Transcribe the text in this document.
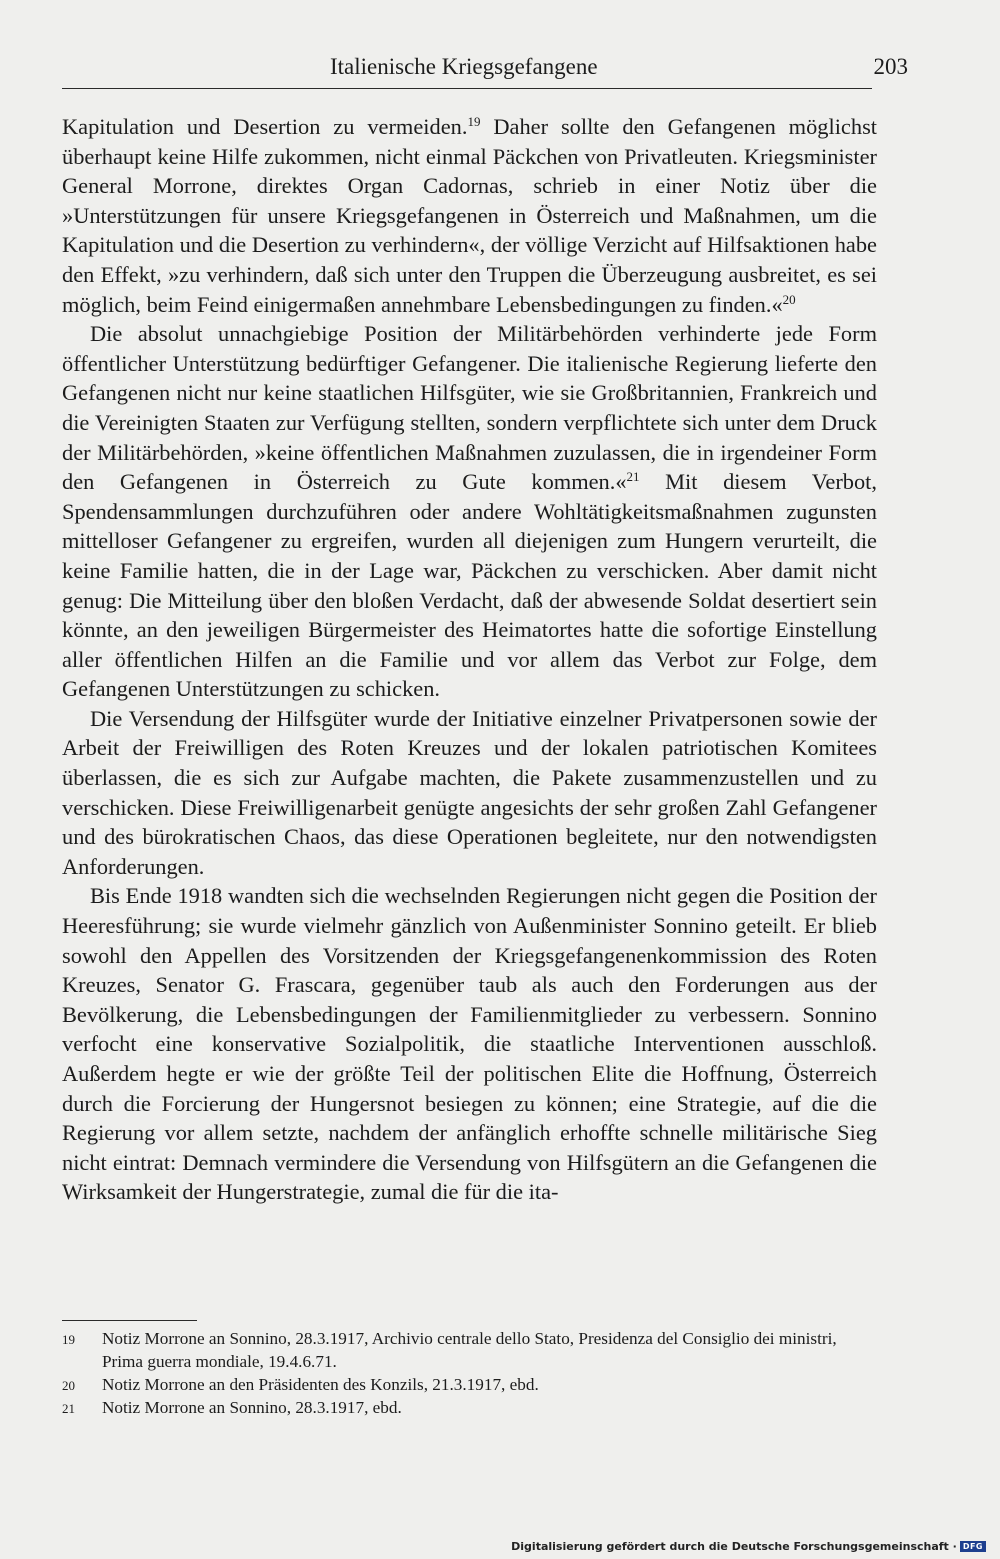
Italienische Kriegsgefangene	203

Kapitulation und Desertion zu vermeiden.$^{19}$ Daher sollte den Gefangenen möglichst überhaupt keine Hilfe zukommen, nicht einmal Päckchen von Privatleuten. Kriegsminister General Morrone, direktes Organ Cadornas, schrieb in einer Notiz über die »Unterstützungen für unsere Kriegsgefangenen in Österreich und Maßnahmen, um die Kapitulation und die Desertion zu verhindern«, der völlige Verzicht auf Hilfsaktionen habe den Effekt, »zu verhindern, daß sich unter den Truppen die Überzeugung ausbreitet, es sei möglich, beim Feind einigermaßen annehmbare Lebensbedingungen zu finden.«$^{20}$

Die absolut unnachgiebige Position der Militärbehörden verhinderte jede Form öffentlicher Unterstützung bedürftiger Gefangener. Die italienische Regierung lieferte den Gefangenen nicht nur keine staatlichen Hilfsgüter, wie sie Großbritannien, Frankreich und die Vereinigten Staaten zur Verfügung stellten, sondern verpflichtete sich unter dem Druck der Militärbehörden, »keine öffentlichen Maßnahmen zuzulassen, die in irgendeiner Form den Gefangenen in Österreich zu Gute kommen.«$^{21}$ Mit diesem Verbot, Spendensammlungen durchzuführen oder andere Wohltätigkeitsmaßnahmen zugunsten mittelloser Gefangener zu ergreifen, wurden all diejenigen zum Hungern verurteilt, die keine Familie hatten, die in der Lage war, Päckchen zu verschicken. Aber damit nicht genug: Die Mitteilung über den bloßen Verdacht, daß der abwesende Soldat desertiert sein könnte, an den jeweiligen Bürgermeister des Heimatortes hatte die sofortige Einstellung aller öffentlichen Hilfen an die Familie und vor allem das Verbot zur Folge, dem Gefangenen Unterstützungen zu schicken.

Die Versendung der Hilfsgüter wurde der Initiative einzelner Privatpersonen sowie der Arbeit der Freiwilligen des Roten Kreuzes und der lokalen patriotischen Komitees überlassen, die es sich zur Aufgabe machten, die Pakete zusammenzustellen und zu verschicken. Diese Freiwilligenarbeit genügte angesichts der sehr großen Zahl Gefangener und des bürokratischen Chaos, das diese Operationen begleitete, nur den notwendigsten Anforderungen.

Bis Ende 1918 wandten sich die wechselnden Regierungen nicht gegen die Position der Heeresführung; sie wurde vielmehr gänzlich von Außenminister Sonnino geteilt. Er blieb sowohl den Appellen des Vorsitzenden der Kriegsgefangenenkommission des Roten Kreuzes, Senator G. Frascara, gegenüber taub als auch den Forderungen aus der Bevölkerung, die Lebensbedingungen der Familienmitglieder zu verbessern. Sonnino verfocht eine konservative Sozialpolitik, die staatliche Interventionen ausschloß. Außerdem hegte er wie der größte Teil der politischen Elite die Hoffnung, Österreich durch die Forcierung der Hungersnot besiegen zu können; eine Strategie, auf die die Regierung vor allem setzte, nachdem der anfänglich erhoffte schnelle militärische Sieg nicht eintrat: Demnach vermindere die Versendung von Hilfsgütern an die Gefangenen die Wirksamkeit der Hungerstrategie, zumal die für die ita-

19	Notiz Morrone an Sonnino, 28.3.1917, Archivio centrale dello Stato, Presidenza del Consiglio dei ministri, Prima guerra mondiale, 19.4.6.71.
20	Notiz Morrone an den Präsidenten des Konzils, 21.3.1917, ebd.
21	Notiz Morrone an Sonnino, 28.3.1917, ebd.
Digitalisierung gefördert durch die Deutsche Forschungsgemeinschaft · DFG
